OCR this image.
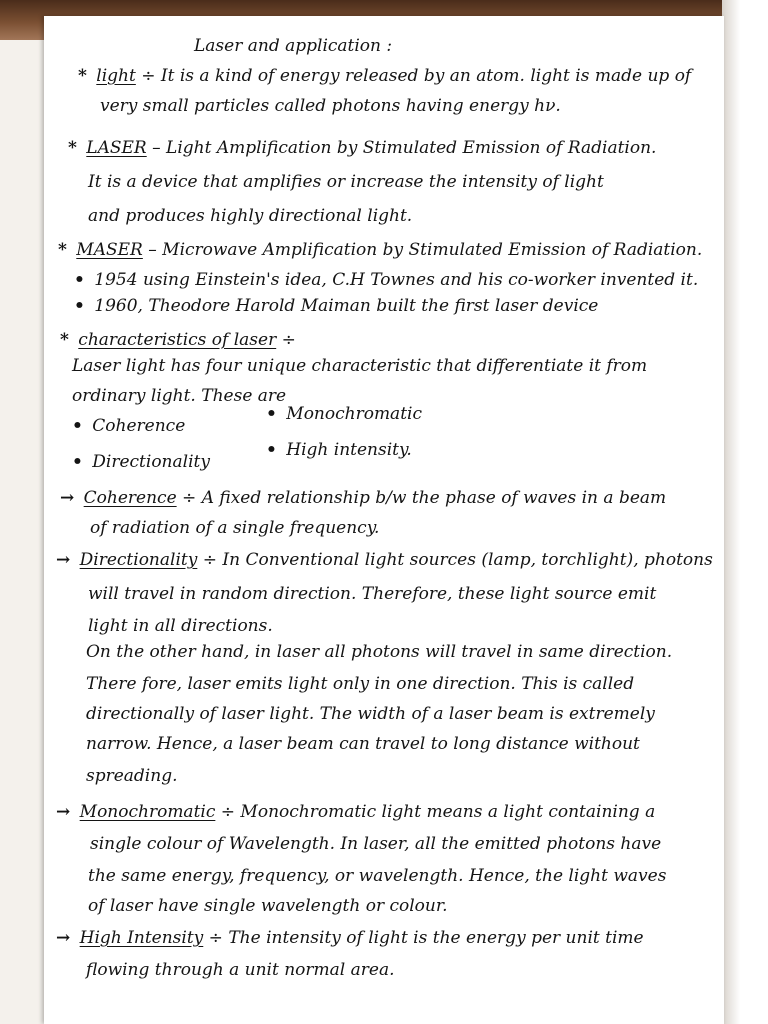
Laser and application :
* light ÷ It is a kind of energy released by an atom. light is made up of
very small particles called photons having energy hν.
* LASER – Light Amplification by Stimulated Emission of Radiation.
It is a device that amplifies or increase the intensity of light
and produces highly directional light.
* MASER – Microwave Amplification by Stimulated Emission of Radiation.
• 1954 using Einstein's idea, C.H Townes and his co-worker invented it.
• 1960, Theodore Harold Maiman built the first laser device
* characteristics of laser ÷
Laser light has four unique characteristic that differentiate it from
ordinary light. These are
• Coherence
• Monochromatic
• Directionality
• High intensity.
→ Coherence ÷ A fixed relationship b/w the phase of waves in a beam
of radiation of a single frequency.
→ Directionality ÷ In Conventional light sources (lamp, torchlight), photons
will travel in random direction. Therefore, these light source emit
light in all directions.
On the other hand, in laser all photons will travel in same direction.
There fore, laser emits light only in one direction. This is called
directionally of laser light. The width of a laser beam is extremely
narrow. Hence, a laser beam can travel to long distance without
spreading.
→ Monochromatic ÷ Monochromatic light means a light containing a
single colour of Wavelength. In laser, all the emitted photons have
the same energy, frequency, or wavelength. Hence, the light waves
of laser have single wavelength or colour.
→ High Intensity ÷ The intensity of light is the energy per unit time
flowing through a unit normal area.
